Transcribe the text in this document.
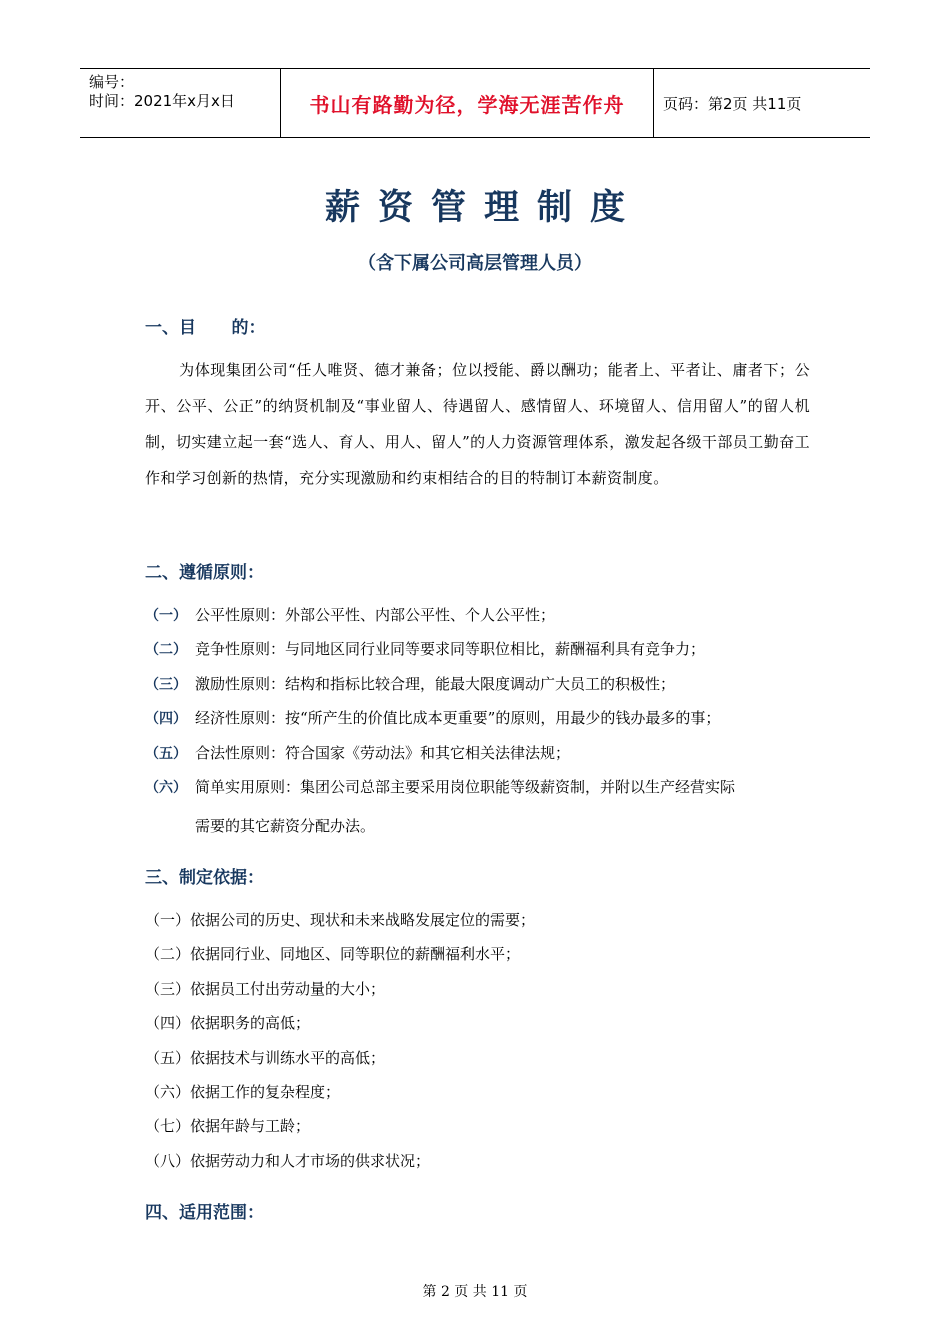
编号：
时间：2021年x月x日	书山有路勤为径，学海无涯苦作舟	页码：第2页 共11页
薪资管理制度
（含下属公司高层管理人员）
一、目      的：
为体现集团公司“任人唯贤、德才兼备；位以授能、爵以酬功；能者上、平者让、庸者下；公开、公平、公正”的纳贤机制及“事业留人、待遇留人、感情留人、环境留人、信用留人”的留人机制，切实建立起一套“选人、育人、用人、留人”的人力资源管理体系，激发起各级干部员工勤奋工作和学习创新的热情，充分实现激励和约束相结合的目的特制订本薪资制度。
二、遵循原则：
（一） 公平性原则：外部公平性、内部公平性、个人公平性；
（二） 竞争性原则：与同地区同行业同等要求同等职位相比，薪酬福利具有竞争力；
（三） 激励性原则：结构和指标比较合理，能最大限度调动广大员工的积极性；
（四） 经济性原则：按“所产生的价值比成本更重要”的原则，用最少的钱办最多的事；
（五） 合法性原则：符合国家《劳动法》和其它相关法律法规；
（六） 简单实用原则：集团公司总部主要采用岗位职能等级薪资制，并附以生产经营实际
需要的其它薪资分配办法。
三、制定依据：
（一）依据公司的历史、现状和未来战略发展定位的需要；
（二）依据同行业、同地区、同等职位的薪酬福利水平；
（三）依据员工付出劳动量的大小；
（四）依据职务的高低；
（五）依据技术与训练水平的高低；
（六）依据工作的复杂程度；
（七）依据年龄与工龄；
（八）依据劳动力和人才市场的供求状况；
四、适用范围：
第 2 页 共 11 页
